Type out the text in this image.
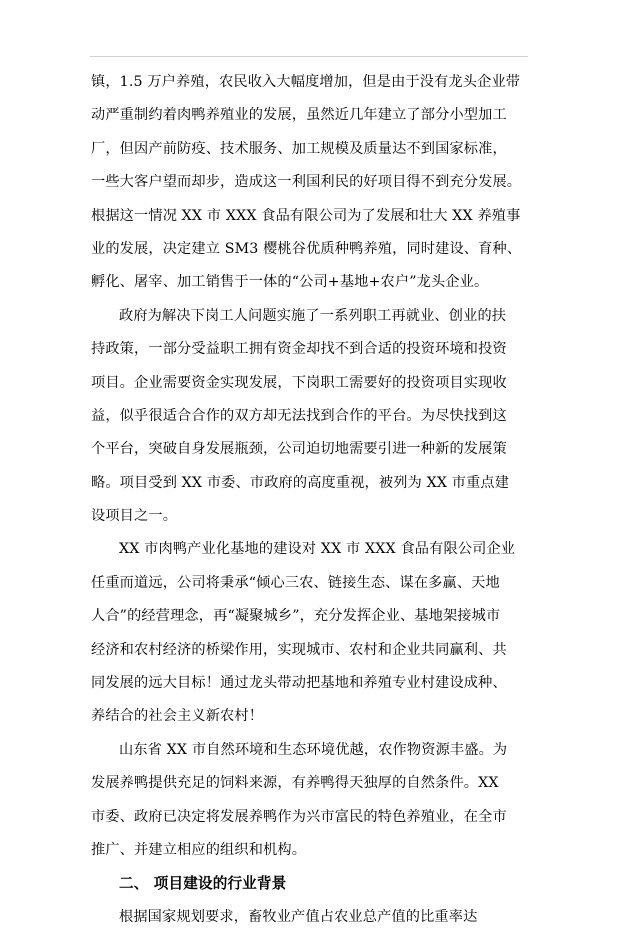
镇，1.5 万户养殖，农民收入大幅度增加，但是由于没有龙头企业带
动严重制约着肉鸭养殖业的发展，虽然近几年建立了部分小型加工
厂，但因产前防疫、技术服务、加工规模及质量达不到国家标准，
一些大客户望而却步，造成这一利国利民的好项目得不到充分发展。
根据这一情况 XX 市 XXX 食品有限公司为了发展和壮大 XX 养殖事
业的发展，决定建立 SM3 樱桃谷优质种鸭养殖，同时建设、育种、
孵化、屠宰、加工销售于一体的“公司+基地+农户”龙头企业。
政府为解决下岗工人问题实施了一系列职工再就业、创业的扶
持政策，一部分受益职工拥有资金却找不到合适的投资环境和投资
项目。企业需要资金实现发展，下岗职工需要好的投资项目实现收
益，似乎很适合合作的双方却无法找到合作的平台。为尽快找到这
个平台，突破自身发展瓶颈，公司迫切地需要引进一种新的发展策
略。项目受到 XX 市委、市政府的高度重视，被列为 XX 市重点建
设项目之一。
XX 市肉鸭产业化基地的建设对 XX 市 XXX 食品有限公司企业
任重而道远，公司将秉承“倾心三农、链接生态、谋在多赢、天地
人合”的经营理念，再“凝聚城乡”，充分发挥企业、基地架接城市
经济和农村经济的桥梁作用，实现城市、农村和企业共同赢利、共
同发展的远大目标！通过龙头带动把基地和养殖专业村建设成种、
养结合的社会主义新农村！
山东省 XX 市自然环境和生态环境优越，农作物资源丰盛。为
发展养鸭提供充足的饲料来源，有养鸭得天独厚的自然条件。XX
市委、政府已决定将发展养鸭作为兴市富民的特色养殖业，在全市
推广、并建立相应的组织和机构。
二、 项目建设的行业背景
根据国家规划要求，畜牧业产值占农业总产值的比重率达
